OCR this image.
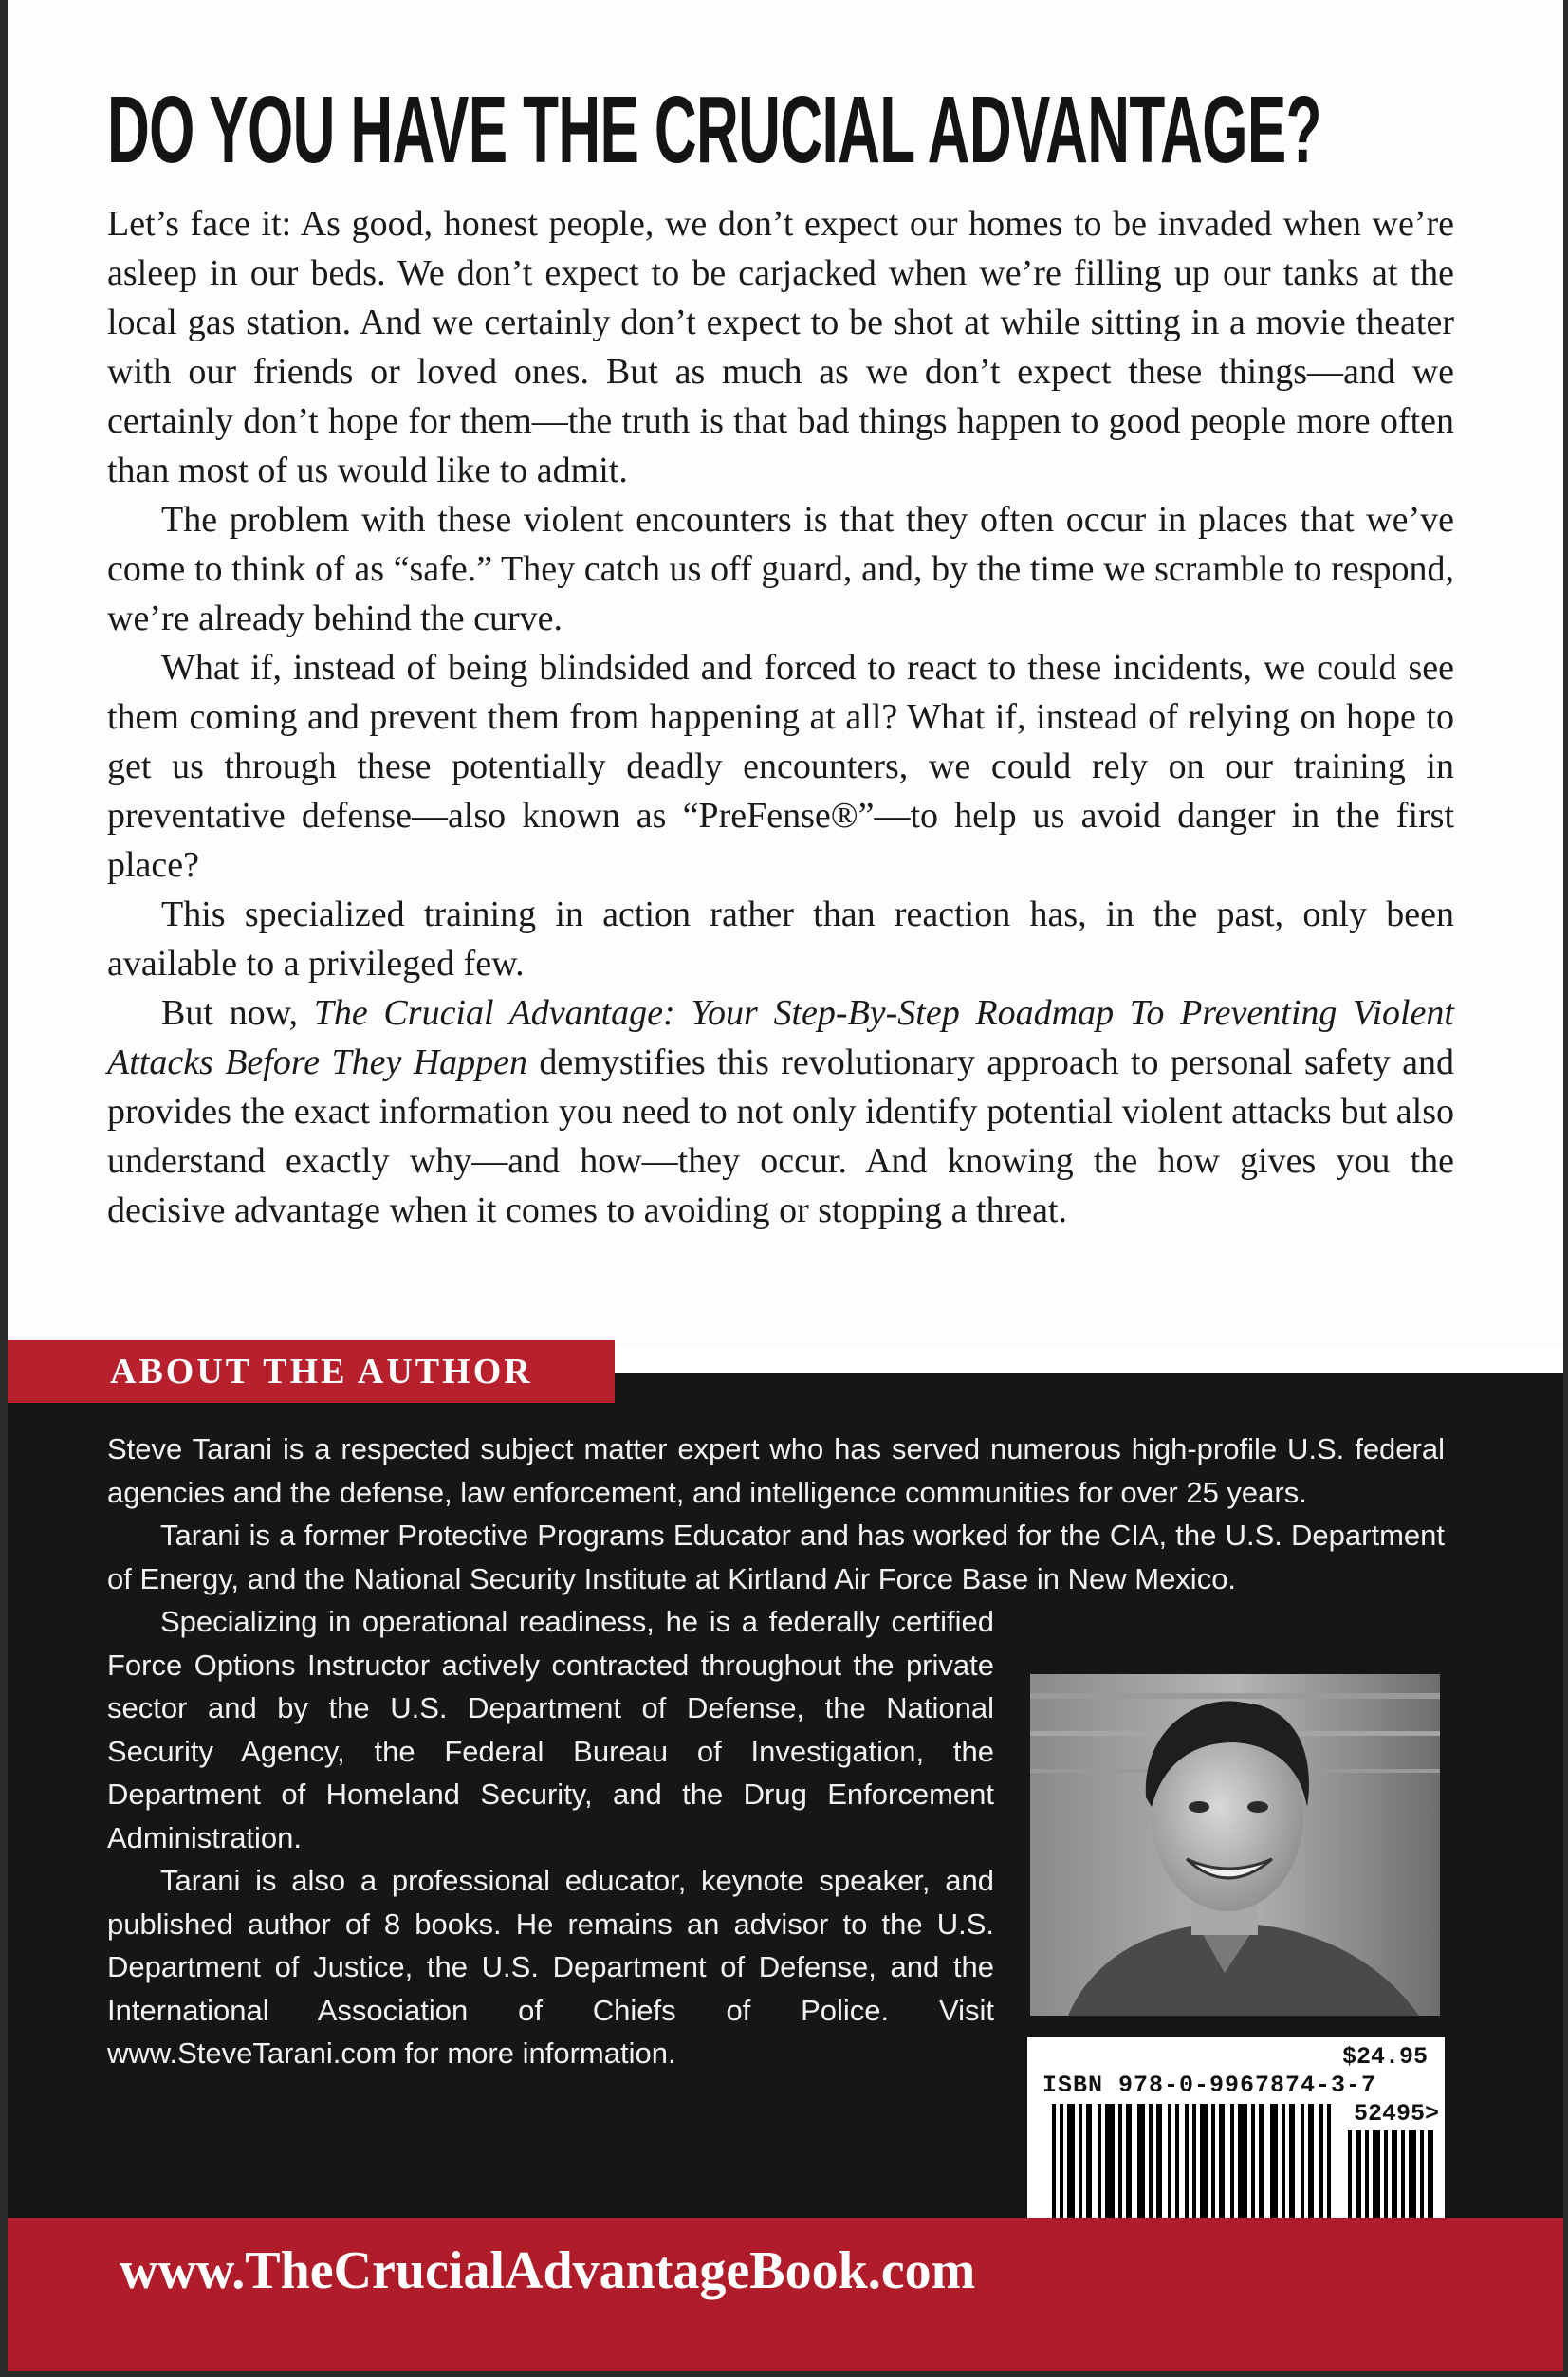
DO YOU HAVE THE CRUCIAL ADVANTAGE?

Let’s face it: As good, honest people, we don’t expect our homes to be invaded when we’re asleep in our beds. We don’t expect to be carjacked when we’re filling up our tanks at the local gas station. And we certainly don’t expect to be shot at while sitting in a movie theater with our friends or loved ones. But as much as we don’t expect these things—and we certainly don’t hope for them—the truth is that bad things happen to good people more often than most of us would like to admit.

The problem with these violent encounters is that they often occur in places that we’ve come to think of as “safe.” They catch us off guard, and, by the time we scramble to respond, we’re already behind the curve.

What if, instead of being blindsided and forced to react to these incidents, we could see them coming and prevent them from happening at all? What if, instead of relying on hope to get us through these potentially deadly encounters, we could rely on our training in preventative defense—also known as “PreFense®”—to help us avoid danger in the first place?

This specialized training in action rather than reaction has, in the past, only been available to a privileged few.

But now, The Crucial Advantage: Your Step-By-Step Roadmap To Preventing Violent Attacks Before They Happen demystifies this revolutionary approach to personal safety and provides the exact information you need to not only identify potential violent attacks but also understand exactly why—and how—they occur. And knowing the how gives you the decisive advantage when it comes to avoiding or stopping a threat.

ABOUT THE AUTHOR

Steve Tarani is a respected subject matter expert who has served numerous high-profile U.S. federal agencies and the defense, law enforcement, and intelligence communities for over 25 years.

Tarani is a former Protective Programs Educator and has worked for the CIA, the U.S. Department of Energy, and the National Security Institute at Kirtland Air Force Base in New Mexico.

Specializing in operational readiness, he is a federally certified Force Options Instructor actively contracted throughout the private sector and by the U.S. Department of Defense, the National Security Agency, the Federal Bureau of Investigation, the Department of Homeland Security, and the Drug Enforcement Administration.

Tarani is also a professional educator, keynote speaker, and published author of 8 books. He remains an advisor to the U.S. Department of Justice, the U.S. Department of Defense, and the International Association of Chiefs of Police. Visit www.SteveTarani.com for more information.	$24.95
ISBN 978-0-9967874-3-7
52495>
www.TheCrucialAdvantageBook.com
